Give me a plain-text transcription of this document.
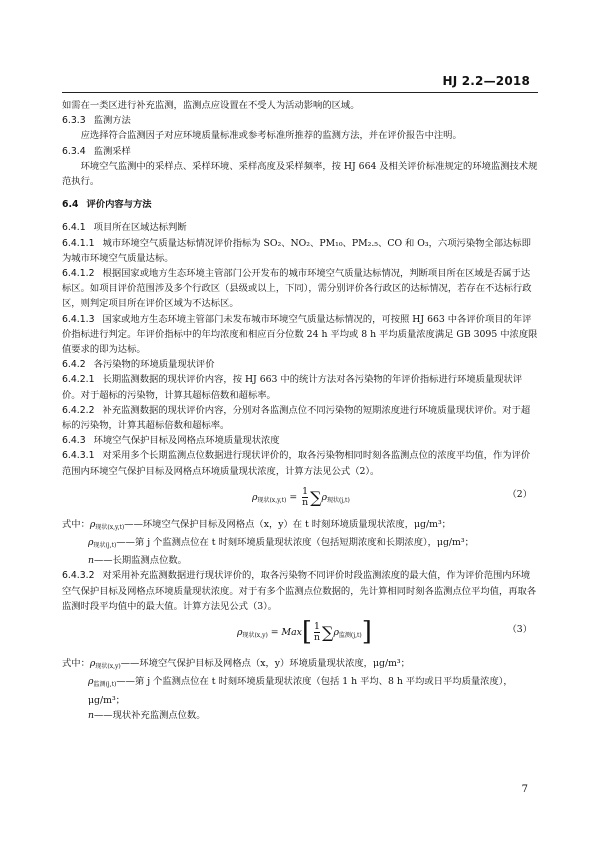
HJ 2.2—2018

如需在一类区进行补充监测，监测点应设置在不受人为活动影响的区域。

6.3.3 监测方法

应选择符合监测因子对应环境质量标准或参考标准所推荐的监测方法，并在评价报告中注明。

6.3.4 监测采样

环境空气监测中的采样点、采样环境、采样高度及采样频率，按 HJ 664 及相关评价标准规定的环境监测技术规范执行。

6.4 评价内容与方法

6.4.1 项目所在区域达标判断

6.4.1.1 城市环境空气质量达标情况评价指标为 SO₂、NO₂、PM₁₀、PM₂.₅、CO 和 O₃，六项污染物全部达标即为城市环境空气质量达标。

6.4.1.2 根据国家或地方生态环境主管部门公开发布的城市环境空气质量达标情况，判断项目所在区域是否属于达标区。如项目评价范围涉及多个行政区（县级或以上，下同），需分别评价各行政区的达标情况，若存在不达标行政区，则判定项目所在评价区域为不达标区。

6.4.1.3 国家或地方生态环境主管部门未发布城市环境空气质量达标情况的，可按照 HJ 663 中各评价项目的年评价指标进行判定。年评价指标中的年均浓度和相应百分位数 24 h 平均或 8 h 平均质量浓度满足 GB 3095 中浓度限值要求的即为达标。

6.4.2 各污染物的环境质量现状评价

6.4.2.1 长期监测数据的现状评价内容，按 HJ 663 中的统计方法对各污染物的年评价指标进行环境质量现状评价。对于超标的污染物，计算其超标倍数和超标率。

6.4.2.2 补充监测数据的现状评价内容，分别对各监测点位不同污染物的短期浓度进行环境质量现状评价。对于超标的污染物，计算其超标倍数和超标率。

6.4.3 环境空气保护目标及网格点环境质量现状浓度

6.4.3.1 对采用多个长期监测点位数据进行现状评价的，取各污染物相同时刻各监测点位的浓度平均值，作为评价范围内环境空气保护目标及网格点环境质量现状浓度，计算方法见公式（2）。

$\rho_{现状(x,y,t)} = \frac{1}{n} \sum\rho_{现状(j,t)}$
（2）

式中：$\rho_{现状(x,y,t)}——$环境空气保护目标及网格点（x，y）在 t 时刻环境质量现状浓度，μg/m³；

$\rho_{现状(j,t)}——$第 j 个监测点位在 t 时刻环境质量现状浓度（包括短期浓度和长期浓度），μg/m³；

n——长期监测点位数。

6.4.3.2 对采用补充监测数据进行现状评价的，取各污染物不同评价时段监测浓度的最大值，作为评价范围内环境空气保护目标及网格点环境质量现状浓度。对于有多个监测点位数据的，先计算相同时刻各监测点位平均值，再取各监测时段平均值中的最大值。计算方法见公式（3）。

$\rho_{现状(x,y)} = Max[ \frac{1}{n} \sum\rho_{监测(j,t)}]$	（3）

式中：$\rho_{现状(x,y)}——$环境空气保护目标及网格点（x，y）环境质量现状浓度，μg/m³；

$\rho_{监测(j,t)}——$第 j 个监测点位在 t 时刻环境质量现状浓度（包括 1 h 平均、8 h 平均或日平均质量浓度），μg/m³；

n——现状补充监测点位数。

7
